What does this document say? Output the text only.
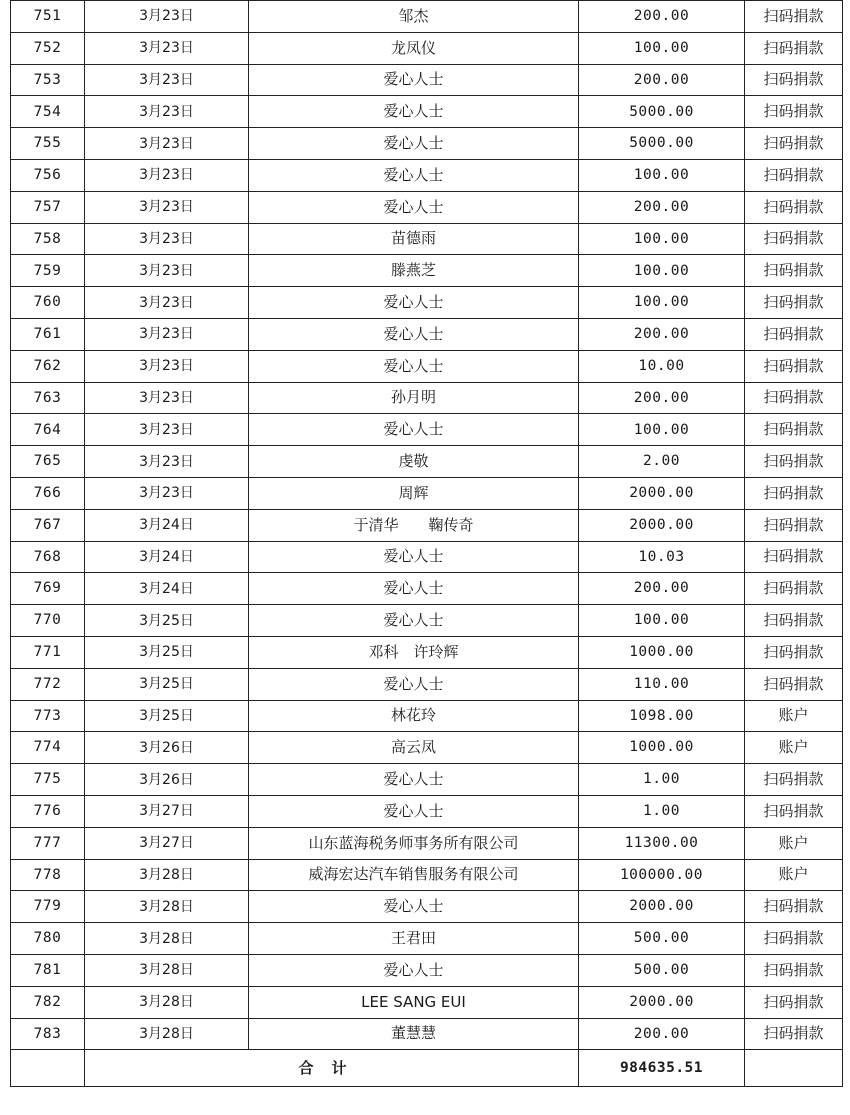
751	3月23日	邹杰	200.00	扫码捐款
752	3月23日	龙凤仪	100.00	扫码捐款
753	3月23日	爱心人士	200.00	扫码捐款
754	3月23日	爱心人士	5000.00	扫码捐款
755	3月23日	爱心人士	5000.00	扫码捐款
756	3月23日	爱心人士	100.00	扫码捐款
757	3月23日	爱心人士	200.00	扫码捐款
758	3月23日	苗德雨	100.00	扫码捐款
759	3月23日	滕燕芝	100.00	扫码捐款
760	3月23日	爱心人士	100.00	扫码捐款
761	3月23日	爱心人士	200.00	扫码捐款
762	3月23日	爱心人士	10.00	扫码捐款
763	3月23日	孙月明	200.00	扫码捐款
764	3月23日	爱心人士	100.00	扫码捐款
765	3月23日	虔敬	2.00	扫码捐款
766	3月23日	周辉	2000.00	扫码捐款
767	3月24日	于清华　　鞠传奇	2000.00	扫码捐款
768	3月24日	爱心人士	10.03	扫码捐款
769	3月24日	爱心人士	200.00	扫码捐款
770	3月25日	爱心人士	100.00	扫码捐款
771	3月25日	邓科　许玲辉	1000.00	扫码捐款
772	3月25日	爱心人士	110.00	扫码捐款
773	3月25日	林花玲	1098.00	账户
774	3月26日	高云凤	1000.00	账户
775	3月26日	爱心人士	1.00	扫码捐款
776	3月27日	爱心人士	1.00	扫码捐款
777	3月27日	山东蓝海税务师事务所有限公司	11300.00	账户
778	3月28日	威海宏达汽车销售服务有限公司	100000.00	账户
779	3月28日	爱心人士	2000.00	扫码捐款
780	3月28日	王君田	500.00	扫码捐款
781	3月28日	爱心人士	500.00	扫码捐款
782	3月28日	LEE SANG EUI	2000.00	扫码捐款
783	3月28日	董慧慧	200.00	扫码捐款
	合计		984635.51	
